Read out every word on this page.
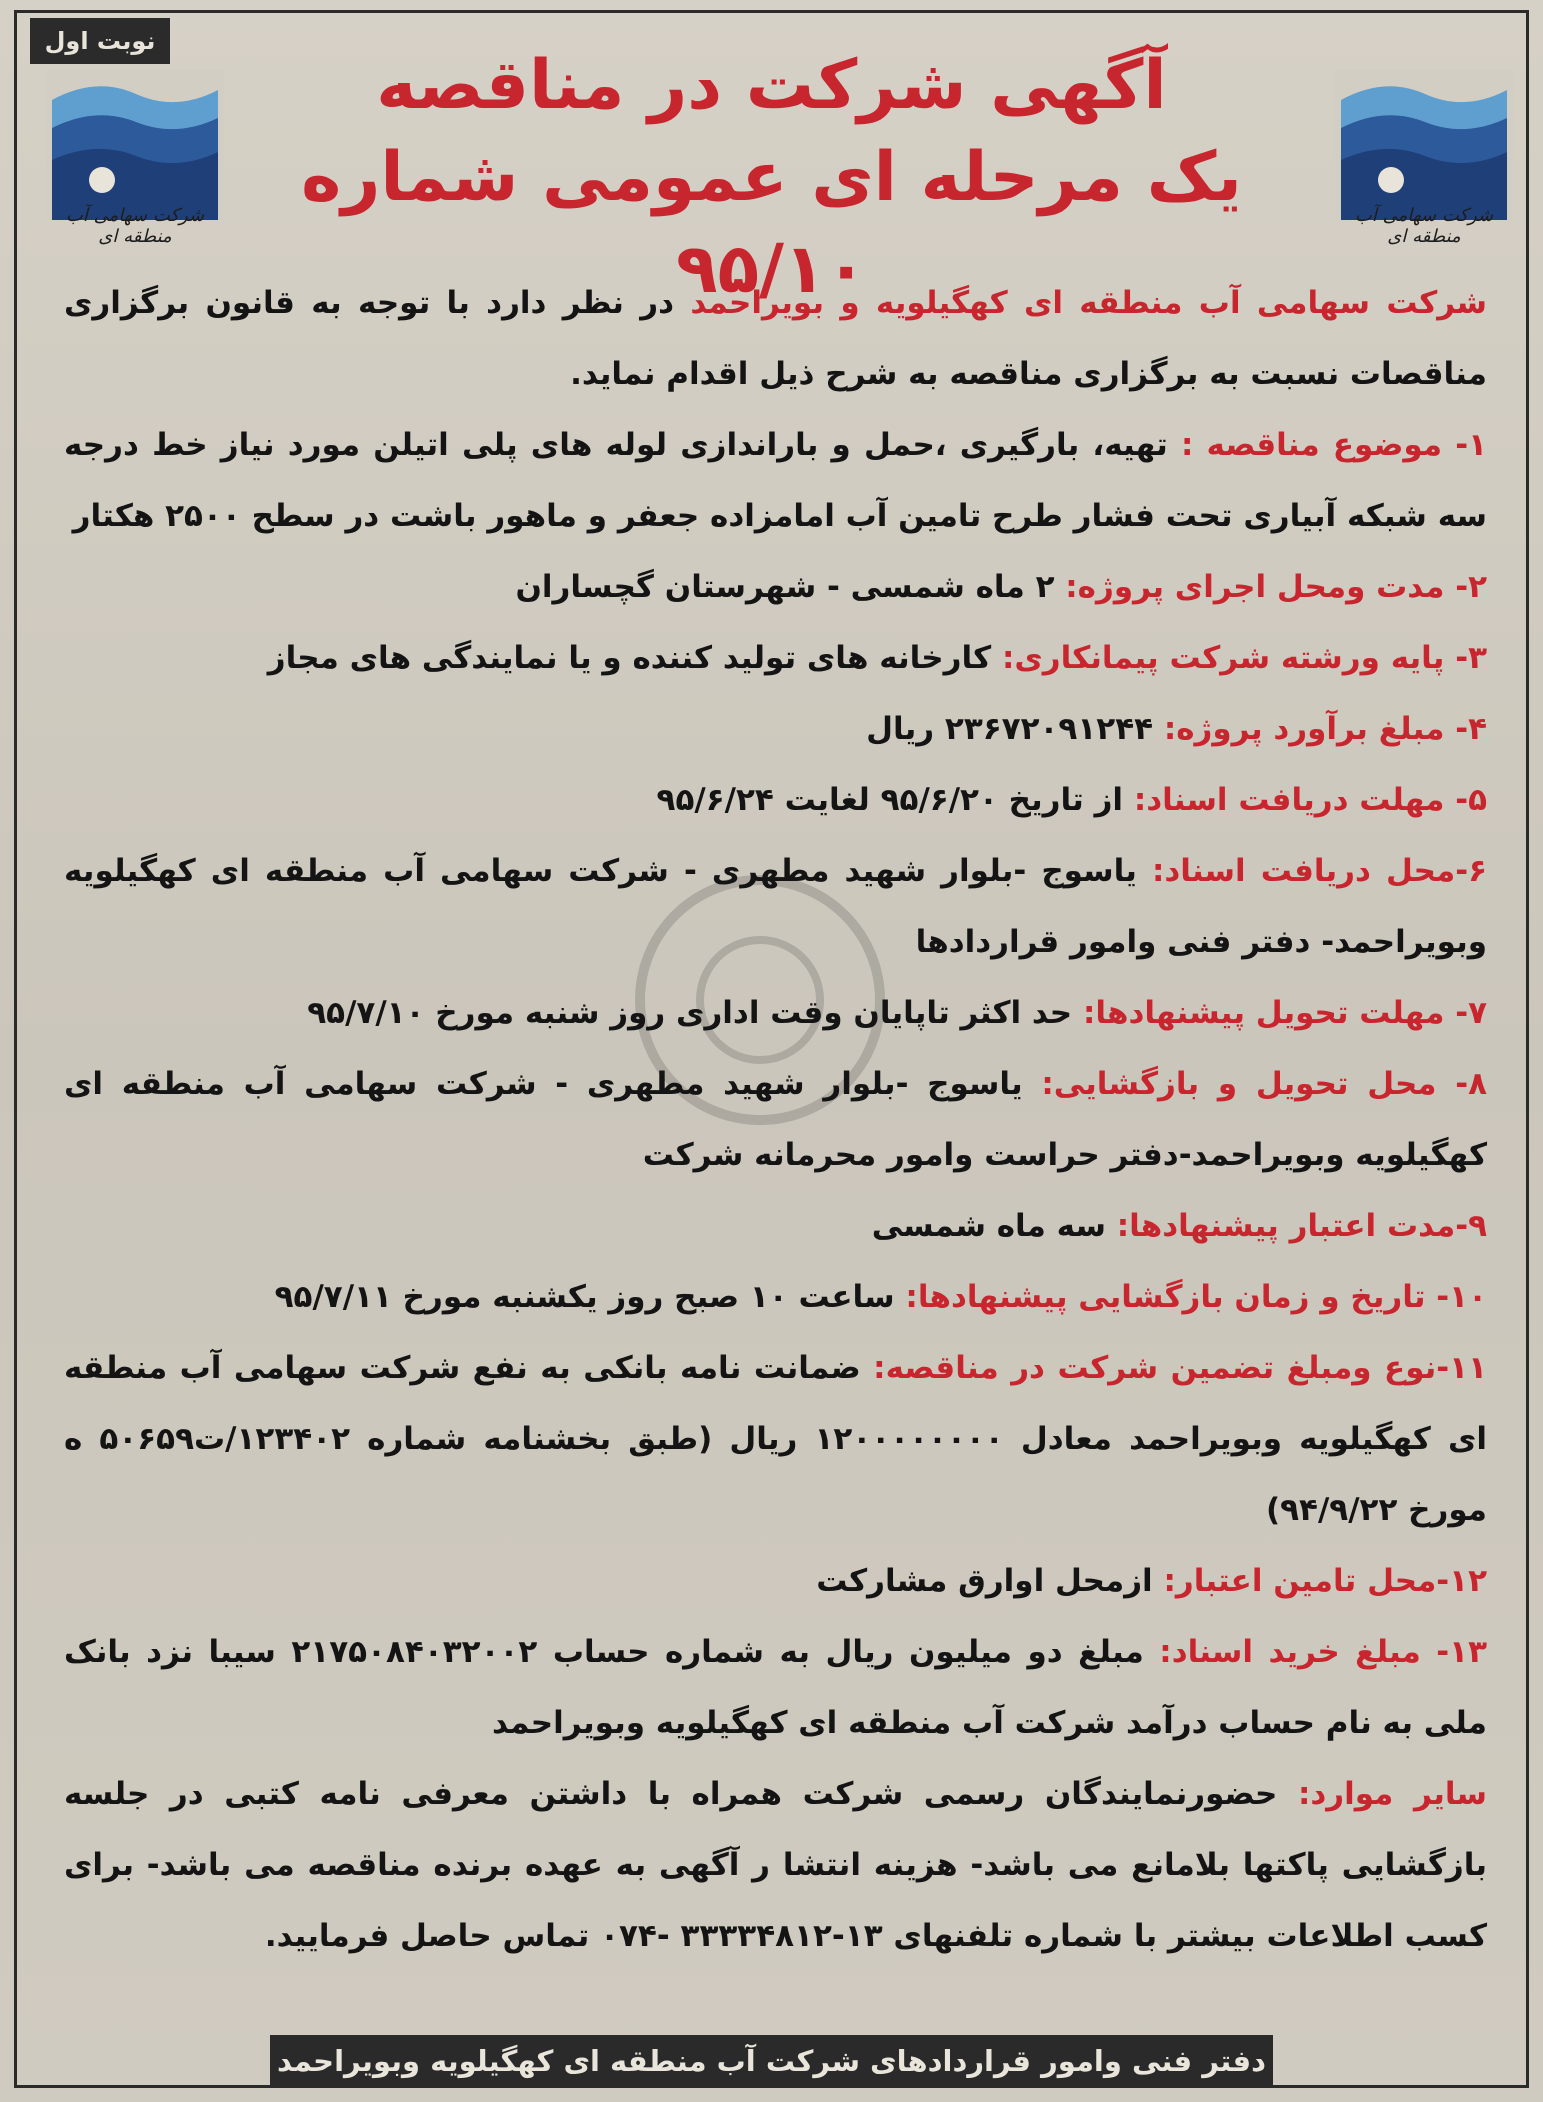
نوبت اول
شرکت سهامی آب منطقه ای
شرکت سهامی آب منطقه ای
آگهی شرکت در مناقصه
یک مرحله ای عمومی شماره ۹۵/۱۰

شرکت سهامی آب منطقه ای کهگیلویه و بویراحمد در نظر دارد با توجه به قانون برگزاری مناقصات نسبت به برگزاری مناقصه به شرح ذیل اقدام نماید.

۱- موضوع مناقصه : تهیه، بارگیری ،حمل و باراندازی لوله های پلی اتیلن مورد نیاز خط درجه سه شبکه آبیاری تحت فشار طرح تامین آب امامزاده جعفر و ماهور باشت در سطح ۲۵۰۰ هکتار

۲- مدت ومحل اجرای پروژه: ۲ ماه شمسی - شهرستان گچساران

۳- پایه ورشته شرکت پیمانکاری: کارخانه های تولید کننده و یا نمایندگی های مجاز

۴- مبلغ برآورد پروژه: ۲۳۶۷۲۰۹۱۲۴۴ ریال

۵- مهلت دریافت اسناد: از تاریخ ۹۵/۶/۲۰ لغایت ۹۵/۶/۲۴

۶-محل دریافت اسناد: یاسوج -بلوار شهید مطهری - شرکت سهامی آب منطقه ای کهگیلویه وبویراحمد- دفتر فنی وامور قراردادها

۷- مهلت تحویل پیشنهادها: حد اکثر تاپایان وقت اداری روز شنبه مورخ ۹۵/۷/۱۰

۸- محل تحویل و بازگشایی: یاسوج -بلوار شهید مطهری - شرکت سهامی آب منطقه ای کهگیلویه وبویراحمد-دفتر حراست وامور محرمانه شرکت

۹-مدت اعتبار پیشنهادها: سه ماه شمسی

۱۰- تاریخ و زمان بازگشایی پیشنهادها: ساعت ۱۰ صبح روز یکشنبه مورخ ۹۵/۷/۱۱

۱۱-نوع ومبلغ تضمین شرکت در مناقصه: ضمانت نامه بانکی به نفع شرکت سهامی آب منطقه ای کهگیلویه وبویراحمد معادل ۱۲۰۰۰۰۰۰۰۰ ریال (طبق بخشنامه شماره ۱۲۳۴۰۲/ت۵۰۶۵۹ ه مورخ ۹۴/۹/۲۲)

۱۲-محل تامین اعتبار: ازمحل اوارق مشارکت

۱۳- مبلغ خرید اسناد: مبلغ دو میلیون ریال به شماره حساب ۲۱۷۵۰۸۴۰۳۲۰۰۲ سیبا نزد بانک ملی به نام حساب درآمد شرکت آب منطقه ای کهگیلویه وبویراحمد

سایر موارد: حضورنمایندگان رسمی شرکت همراه با داشتن معرفی نامه کتبی در جلسه بازگشایی پاکتها بلامانع می باشد- هزینه انتشا ر آگهی به عهده برنده مناقصه می باشد- برای کسب اطلاعات بیشتر با شماره تلفنهای ۱۳-۳۳۳۳۴۸۱۲ -۰۷۴ تماس حاصل فرمایید.

دفتر فنی وامور قراردادهای شرکت آب منطقه ای کهگیلویه وبویراحمد
